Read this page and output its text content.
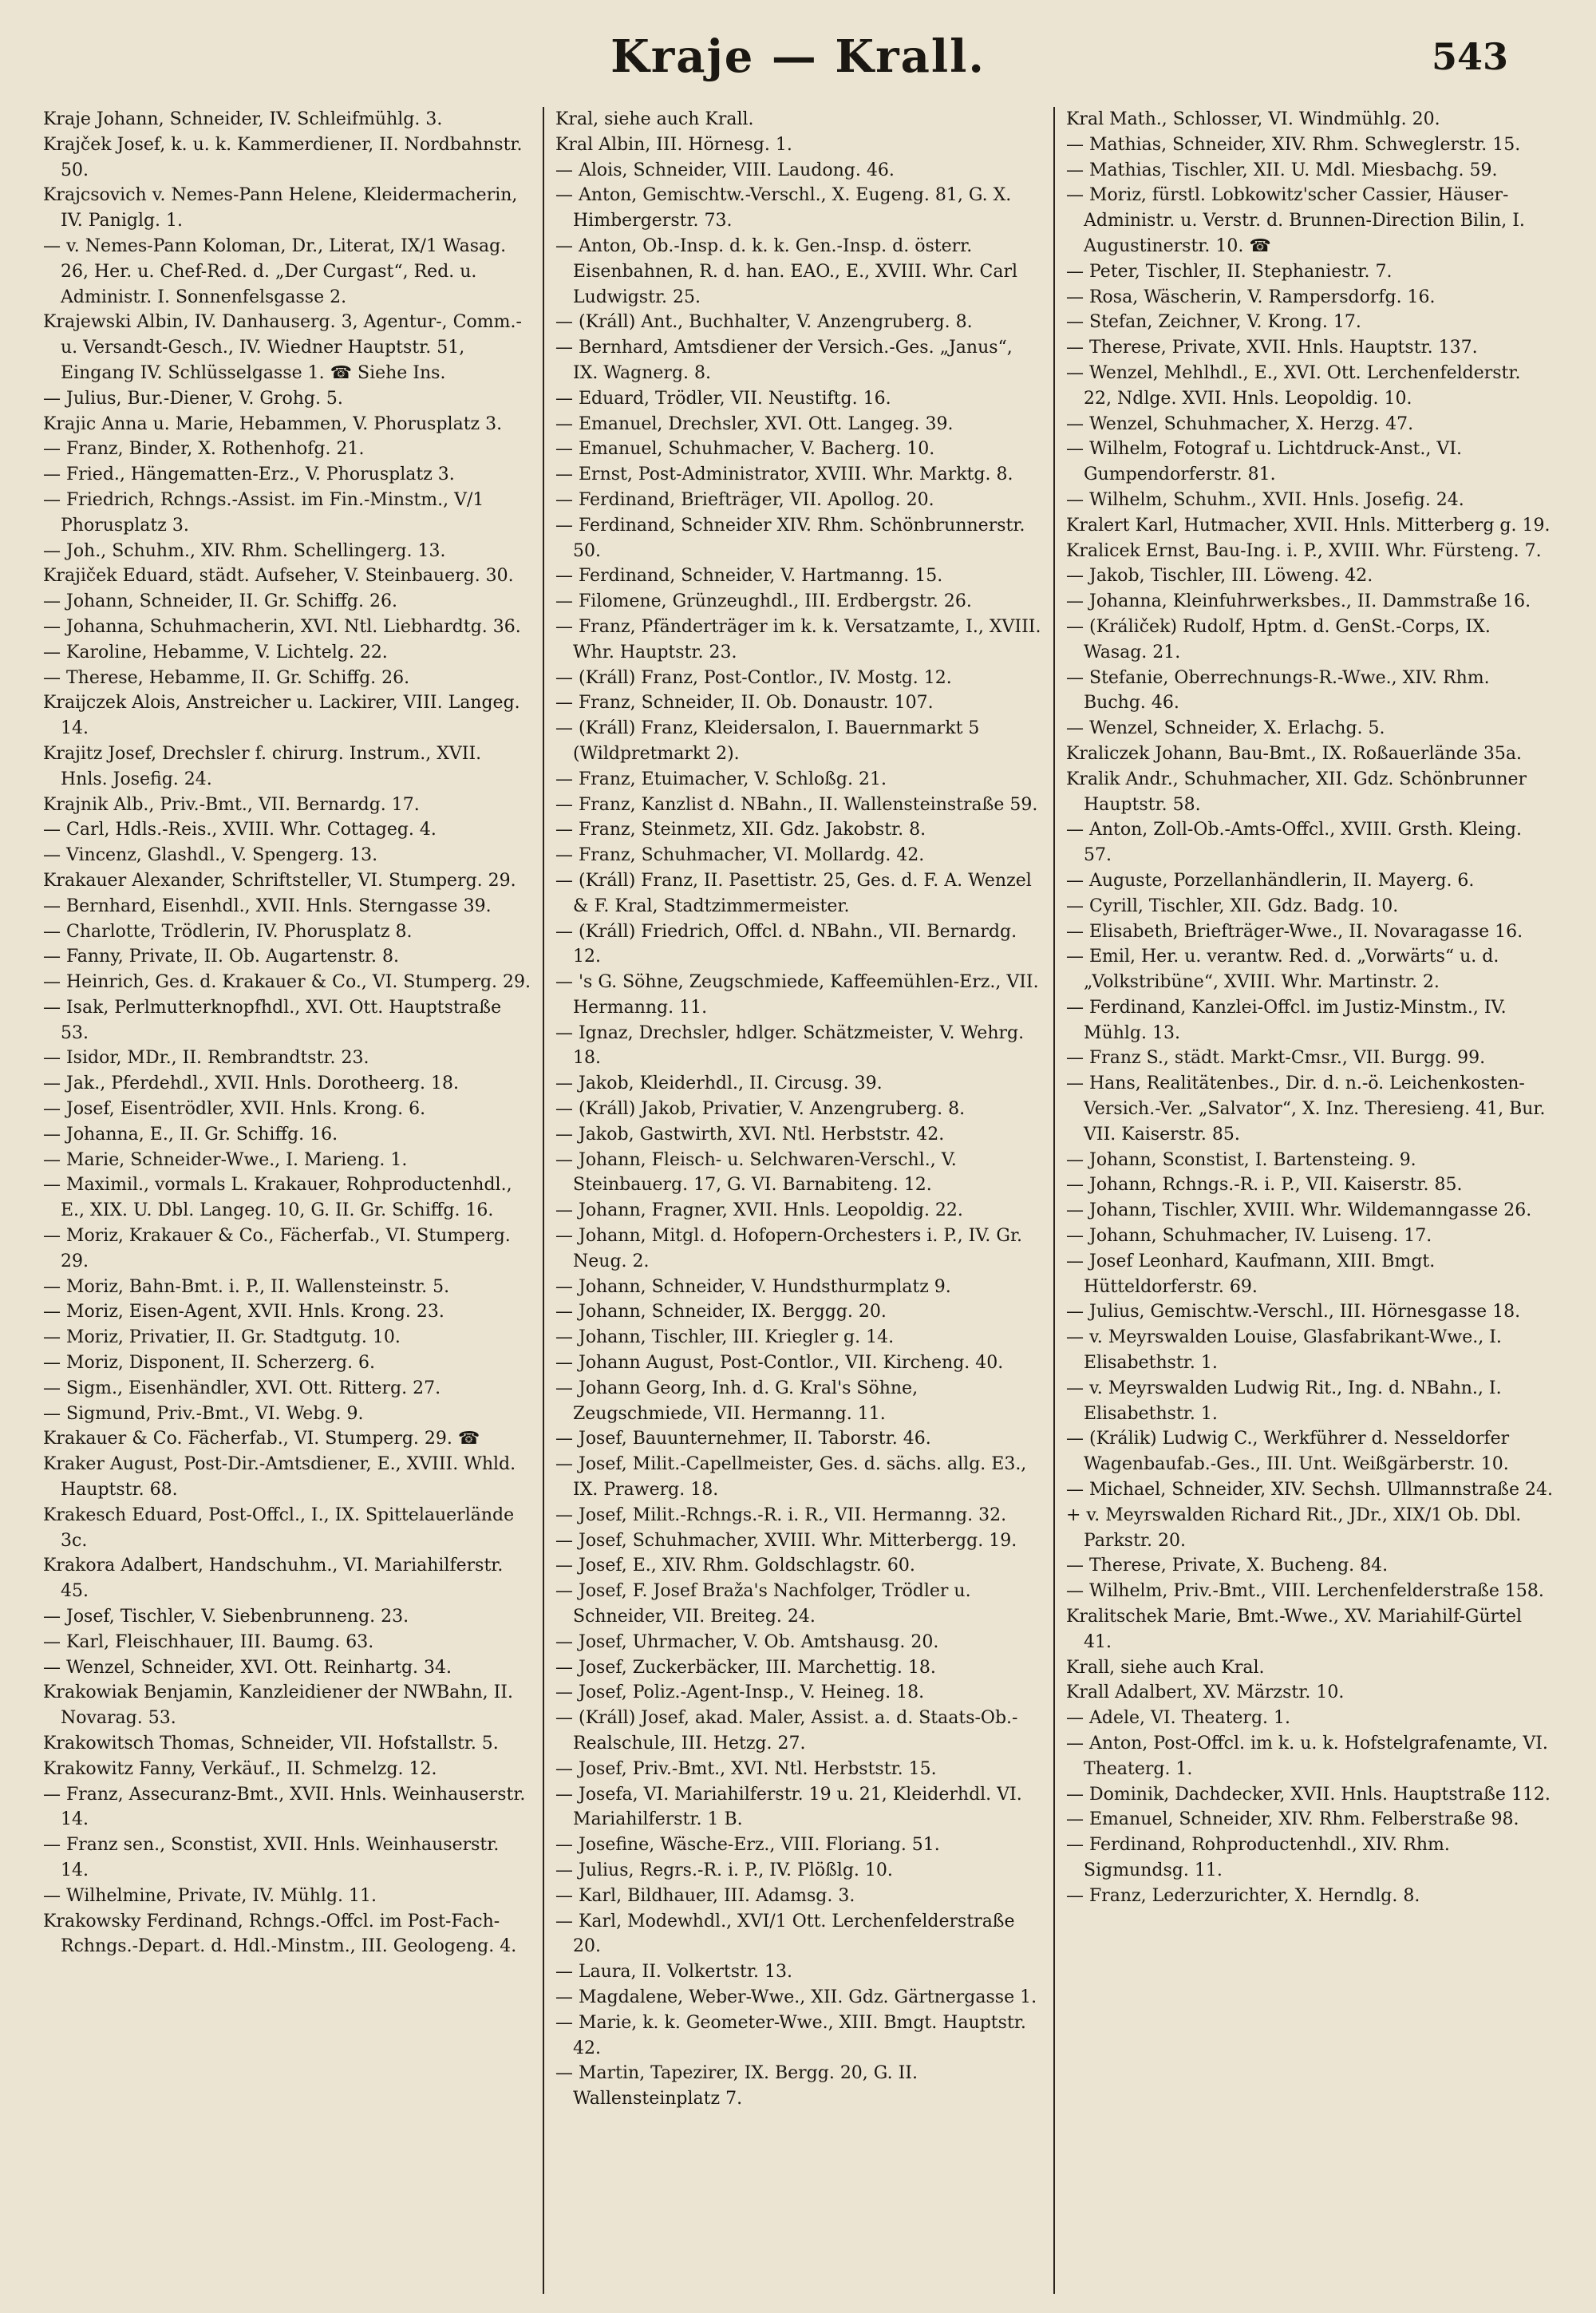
Kraje — Krall.	543
Kraje Johann, Schneider, IV. Schleifmühlg. 3.
Krajček Josef, k. u. k. Kammerdiener, II. Nordbahnstr. 50.
Krajcsovich v. Nemes-Pann Helene, Kleidermacherin, IV. Paniglg. 1.
— v. Nemes-Pann Koloman, Dr., Literat, IX/1 Wasag. 26, Her. u. Chef-Red. d. „Der Curgast“, Red. u. Administr. I. Sonnenfelsgasse 2.
Krajewski Albin, IV. Danhauserg. 3, Agentur-, Comm.- u. Versandt-Gesch., IV. Wiedner Hauptstr. 51, Eingang IV. Schlüsselgasse 1. ☎ Siehe Ins.
— Julius, Bur.-Diener, V. Grohg. 5.
Krajic Anna u. Marie, Hebammen, V. Phorusplatz 3.
— Franz, Binder, X. Rothenhofg. 21.
— Fried., Hängematten-Erz., V. Phorusplatz 3.
— Friedrich, Rchngs.-Assist. im Fin.-Minstm., V/1 Phorusplatz 3.
— Joh., Schuhm., XIV. Rhm. Schellingerg. 13.
Krajiček Eduard, städt. Aufseher, V. Steinbauerg. 30.
— Johann, Schneider, II. Gr. Schiffg. 26.
— Johanna, Schuhmacherin, XVI. Ntl. Liebhardtg. 36.
— Karoline, Hebamme, V. Lichtelg. 22.
— Therese, Hebamme, II. Gr. Schiffg. 26.
Kraijczek Alois, Anstreicher u. Lackirer, VIII. Langeg. 14.
Krajitz Josef, Drechsler f. chirurg. Instrum., XVII. Hnls. Josefig. 24.
Krajnik Alb., Priv.-Bmt., VII. Bernardg. 17.
— Carl, Hdls.-Reis., XVIII. Whr. Cottageg. 4.
— Vincenz, Glashdl., V. Spengerg. 13.
Krakauer Alexander, Schriftsteller, VI. Stumperg. 29.
— Bernhard, Eisenhdl., XVII. Hnls. Sterngasse 39.
— Charlotte, Trödlerin, IV. Phorusplatz 8.
— Fanny, Private, II. Ob. Augartenstr. 8.
— Heinrich, Ges. d. Krakauer & Co., VI. Stumperg. 29.
— Isak, Perlmutterknopfhdl., XVI. Ott. Hauptstraße 53.
— Isidor, MDr., II. Rembrandtstr. 23.
— Jak., Pferdehdl., XVII. Hnls. Dorotheerg. 18.
— Josef, Eisentrödler, XVII. Hnls. Krong. 6.
— Johanna, E., II. Gr. Schiffg. 16.
— Marie, Schneider-Wwe., I. Marieng. 1.
— Maximil., vormals L. Krakauer, Rohproductenhdl., E., XIX. U. Dbl. Langeg. 10, G. II. Gr. Schiffg. 16.
— Moriz, Krakauer & Co., Fächerfab., VI. Stumperg. 29.
— Moriz, Bahn-Bmt. i. P., II. Wallensteinstr. 5.
— Moriz, Eisen-Agent, XVII. Hnls. Krong. 23.
— Moriz, Privatier, II. Gr. Stadtgutg. 10.
— Moriz, Disponent, II. Scherzerg. 6.
— Sigm., Eisenhändler, XVI. Ott. Ritterg. 27.
— Sigmund, Priv.-Bmt., VI. Webg. 9.
Krakauer & Co. Fächerfab., VI. Stumperg. 29. ☎
Kraker August, Post-Dir.-Amtsdiener, E., XVIII. Whld. Hauptstr. 68.
Krakesch Eduard, Post-Offcl., I., IX. Spittelauerlände 3c.
Krakora Adalbert, Handschuhm., VI. Mariahilferstr. 45.
— Josef, Tischler, V. Siebenbrunneng. 23.
— Karl, Fleischhauer, III. Baumg. 63.
— Wenzel, Schneider, XVI. Ott. Reinhartg. 34.
Krakowiak Benjamin, Kanzleidiener der NWBahn, II. Novarag. 53.
Krakowitsch Thomas, Schneider, VII. Hofstallstr. 5.
Krakowitz Fanny, Verkäuf., II. Schmelzg. 12.
— Franz, Assecuranz-Bmt., XVII. Hnls. Weinhauserstr. 14.
— Franz sen., Sconstist, XVII. Hnls. Weinhauserstr. 14.
— Wilhelmine, Private, IV. Mühlg. 11.
Krakowsky Ferdinand, Rchngs.-Offcl. im Post-Fach-Rchngs.-Depart. d. Hdl.-Minstm., III. Geologeng. 4.
Kral, siehe auch Krall.
Kral Albin, III. Hörnesg. 1.
— Alois, Schneider, VIII. Laudong. 46.
— Anton, Gemischtw.-Verschl., X. Eugeng. 81, G. X. Himbergerstr. 73.
— Anton, Ob.-Insp. d. k. k. Gen.-Insp. d. österr. Eisenbahnen, R. d. han. EAO., E., XVIII. Whr. Carl Ludwigstr. 25.
— (Králl) Ant., Buchhalter, V. Anzengruberg. 8.
— Bernhard, Amtsdiener der Versich.-Ges. „Janus“, IX. Wagnerg. 8.
— Eduard, Trödler, VII. Neustiftg. 16.
— Emanuel, Drechsler, XVI. Ott. Langeg. 39.
— Emanuel, Schuhmacher, V. Bacherg. 10.
— Ernst, Post-Administrator, XVIII. Whr. Marktg. 8.
— Ferdinand, Briefträger, VII. Apollog. 20.
— Ferdinand, Schneider XIV. Rhm. Schönbrunnerstr. 50.
— Ferdinand, Schneider, V. Hartmanng. 15.
— Filomene, Grünzeughdl., III. Erdbergstr. 26.
— Franz, Pfänderträger im k. k. Versatzamte, I., XVIII. Whr. Hauptstr. 23.
— (Králl) Franz, Post-Contlor., IV. Mostg. 12.
— Franz, Schneider, II. Ob. Donaustr. 107.
— (Králl) Franz, Kleidersalon, I. Bauernmarkt 5 (Wildpretmarkt 2).
— Franz, Etuimacher, V. Schloßg. 21.
— Franz, Kanzlist d. NBahn., II. Wallensteinstraße 59.
— Franz, Steinmetz, XII. Gdz. Jakobstr. 8.
— Franz, Schuhmacher, VI. Mollardg. 42.
— (Králl) Franz, II. Pasettistr. 25, Ges. d. F. A. Wenzel & F. Kral, Stadtzimmermeister.
— (Králl) Friedrich, Offcl. d. NBahn., VII. Bernardg. 12.
— 's G. Söhne, Zeugschmiede, Kaffeemühlen-Erz., VII. Hermanng. 11.
— Ignaz, Drechsler, hdlger. Schätzmeister, V. Wehrg. 18.
— Jakob, Kleiderhdl., II. Circusg. 39.
— (Králl) Jakob, Privatier, V. Anzengruberg. 8.
— Jakob, Gastwirth, XVI. Ntl. Herbststr. 42.
— Johann, Fleisch- u. Selchwaren-Verschl., V. Steinbauerg. 17, G. VI. Barnabiteng. 12.
— Johann, Fragner, XVII. Hnls. Leopoldig. 22.
— Johann, Mitgl. d. Hofopern-Orchesters i. P., IV. Gr. Neug. 2.
— Johann, Schneider, V. Hundsthurmplatz 9.
— Johann, Schneider, IX. Berggg. 20.
— Johann, Tischler, III. Kriegler g. 14.
— Johann August, Post-Contlor., VII. Kircheng. 40.
— Johann Georg, Inh. d. G. Kral's Söhne, Zeugschmiede, VII. Hermanng. 11.
— Josef, Bauunternehmer, II. Taborstr. 46.
— Josef, Milit.-Capellmeister, Ges. d. sächs. allg. E3., IX. Prawerg. 18.
— Josef, Milit.-Rchngs.-R. i. R., VII. Hermanng. 32.
— Josef, Schuhmacher, XVIII. Whr. Mitterbergg. 19.
— Josef, E., XIV. Rhm. Goldschlagstr. 60.
— Josef, F. Josef Braža's Nachfolger, Trödler u. Schneider, VII. Breiteg. 24.
— Josef, Uhrmacher, V. Ob. Amtshausg. 20.
— Josef, Zuckerbäcker, III. Marchettig. 18.
— Josef, Poliz.-Agent-Insp., V. Heineg. 18.
— (Králl) Josef, akad. Maler, Assist. a. d. Staats-Ob.-Realschule, III. Hetzg. 27.
— Josef, Priv.-Bmt., XVI. Ntl. Herbststr. 15.
— Josefa, VI. Mariahilferstr. 19 u. 21, Kleiderhdl. VI. Mariahilferstr. 1 B.
— Josefine, Wäsche-Erz., VIII. Floriang. 51.
— Julius, Regrs.-R. i. P., IV. Plößlg. 10.
— Karl, Bildhauer, III. Adamsg. 3.
— Karl, Modewhdl., XVI/1 Ott. Lerchenfelderstraße 20.
— Laura, II. Volkertstr. 13.
— Magdalene, Weber-Wwe., XII. Gdz. Gärtnergasse 1.
— Marie, k. k. Geometer-Wwe., XIII. Bmgt. Hauptstr. 42.
— Martin, Tapezirer, IX. Bergg. 20, G. II. Wallensteinplatz 7.
Kral Math., Schlosser, VI. Windmühlg. 20.
— Mathias, Schneider, XIV. Rhm. Schweglerstr. 15.
— Mathias, Tischler, XII. U. Mdl. Miesbachg. 59.
— Moriz, fürstl. Lobkowitz'scher Cassier, Häuser-Administr. u. Verstr. d. Brunnen-Direction Bilin, I. Augustinerstr. 10. ☎
— Peter, Tischler, II. Stephaniestr. 7.
— Rosa, Wäscherin, V. Rampersdorfg. 16.
— Stefan, Zeichner, V. Krong. 17.
— Therese, Private, XVII. Hnls. Hauptstr. 137.
— Wenzel, Mehlhdl., E., XVI. Ott. Lerchenfelderstr. 22, Ndlge. XVII. Hnls. Leopoldig. 10.
— Wenzel, Schuhmacher, X. Herzg. 47.
— Wilhelm, Fotograf u. Lichtdruck-Anst., VI. Gumpendorferstr. 81.
— Wilhelm, Schuhm., XVII. Hnls. Josefig. 24.
Kralert Karl, Hutmacher, XVII. Hnls. Mitterberg g. 19.
Kralicek Ernst, Bau-Ing. i. P., XVIII. Whr. Fürsteng. 7.
— Jakob, Tischler, III. Löweng. 42.
— Johanna, Kleinfuhrwerksbes., II. Dammstraße 16.
— (Králiček) Rudolf, Hptm. d. GenSt.-Corps, IX. Wasag. 21.
— Stefanie, Oberrechnungs-R.-Wwe., XIV. Rhm. Buchg. 46.
— Wenzel, Schneider, X. Erlachg. 5.
Kraliczek Johann, Bau-Bmt., IX. Roßauerlände 35a.
Kralik Andr., Schuhmacher, XII. Gdz. Schönbrunner Hauptstr. 58.
— Anton, Zoll-Ob.-Amts-Offcl., XVIII. Grsth. Kleing. 57.
— Auguste, Porzellanhändlerin, II. Mayerg. 6.
— Cyrill, Tischler, XII. Gdz. Badg. 10.
— Elisabeth, Briefträger-Wwe., II. Novaragasse 16.
— Emil, Her. u. verantw. Red. d. „Vorwärts“ u. d. „Volkstribüne“, XVIII. Whr. Martinstr. 2.
— Ferdinand, Kanzlei-Offcl. im Justiz-Minstm., IV. Mühlg. 13.
— Franz S., städt. Markt-Cmsr., VII. Burgg. 99.
— Hans, Realitätenbes., Dir. d. n.-ö. Leichenkosten-Versich.-Ver. „Salvator“, X. Inz. Theresieng. 41, Bur. VII. Kaiserstr. 85.
— Johann, Sconstist, I. Bartensteing. 9.
— Johann, Rchngs.-R. i. P., VII. Kaiserstr. 85.
— Johann, Tischler, XVIII. Whr. Wildemanngasse 26.
— Johann, Schuhmacher, IV. Luiseng. 17.
— Josef Leonhard, Kaufmann, XIII. Bmgt. Hütteldorferstr. 69.
— Julius, Gemischtw.-Verschl., III. Hörnesgasse 18.
— v. Meyrswalden Louise, Glasfabrikant-Wwe., I. Elisabethstr. 1.
— v. Meyrswalden Ludwig Rit., Ing. d. NBahn., I. Elisabethstr. 1.
— (Králik) Ludwig C., Werkführer d. Nesseldorfer Wagenbaufab.-Ges., III. Unt. Weißgärberstr. 10.
— Michael, Schneider, XIV. Sechsh. Ullmannstraße 24.
+ v. Meyrswalden Richard Rit., JDr., XIX/1 Ob. Dbl. Parkstr. 20.
— Therese, Private, X. Bucheng. 84.
— Wilhelm, Priv.-Bmt., VIII. Lerchenfelderstraße 158.
Kralitschek Marie, Bmt.-Wwe., XV. Mariahilf-Gürtel 41.
Krall, siehe auch Kral.
Krall Adalbert, XV. Märzstr. 10.
— Adele, VI. Theaterg. 1.
— Anton, Post-Offcl. im k. u. k. Hofstelgrafenamte, VI. Theaterg. 1.
— Dominik, Dachdecker, XVII. Hnls. Hauptstraße 112.
— Emanuel, Schneider, XIV. Rhm. Felberstraße 98.
— Ferdinand, Rohproductenhdl., XIV. Rhm. Sigmundsg. 11.
— Franz, Lederzurichter, X. Herndlg. 8.
